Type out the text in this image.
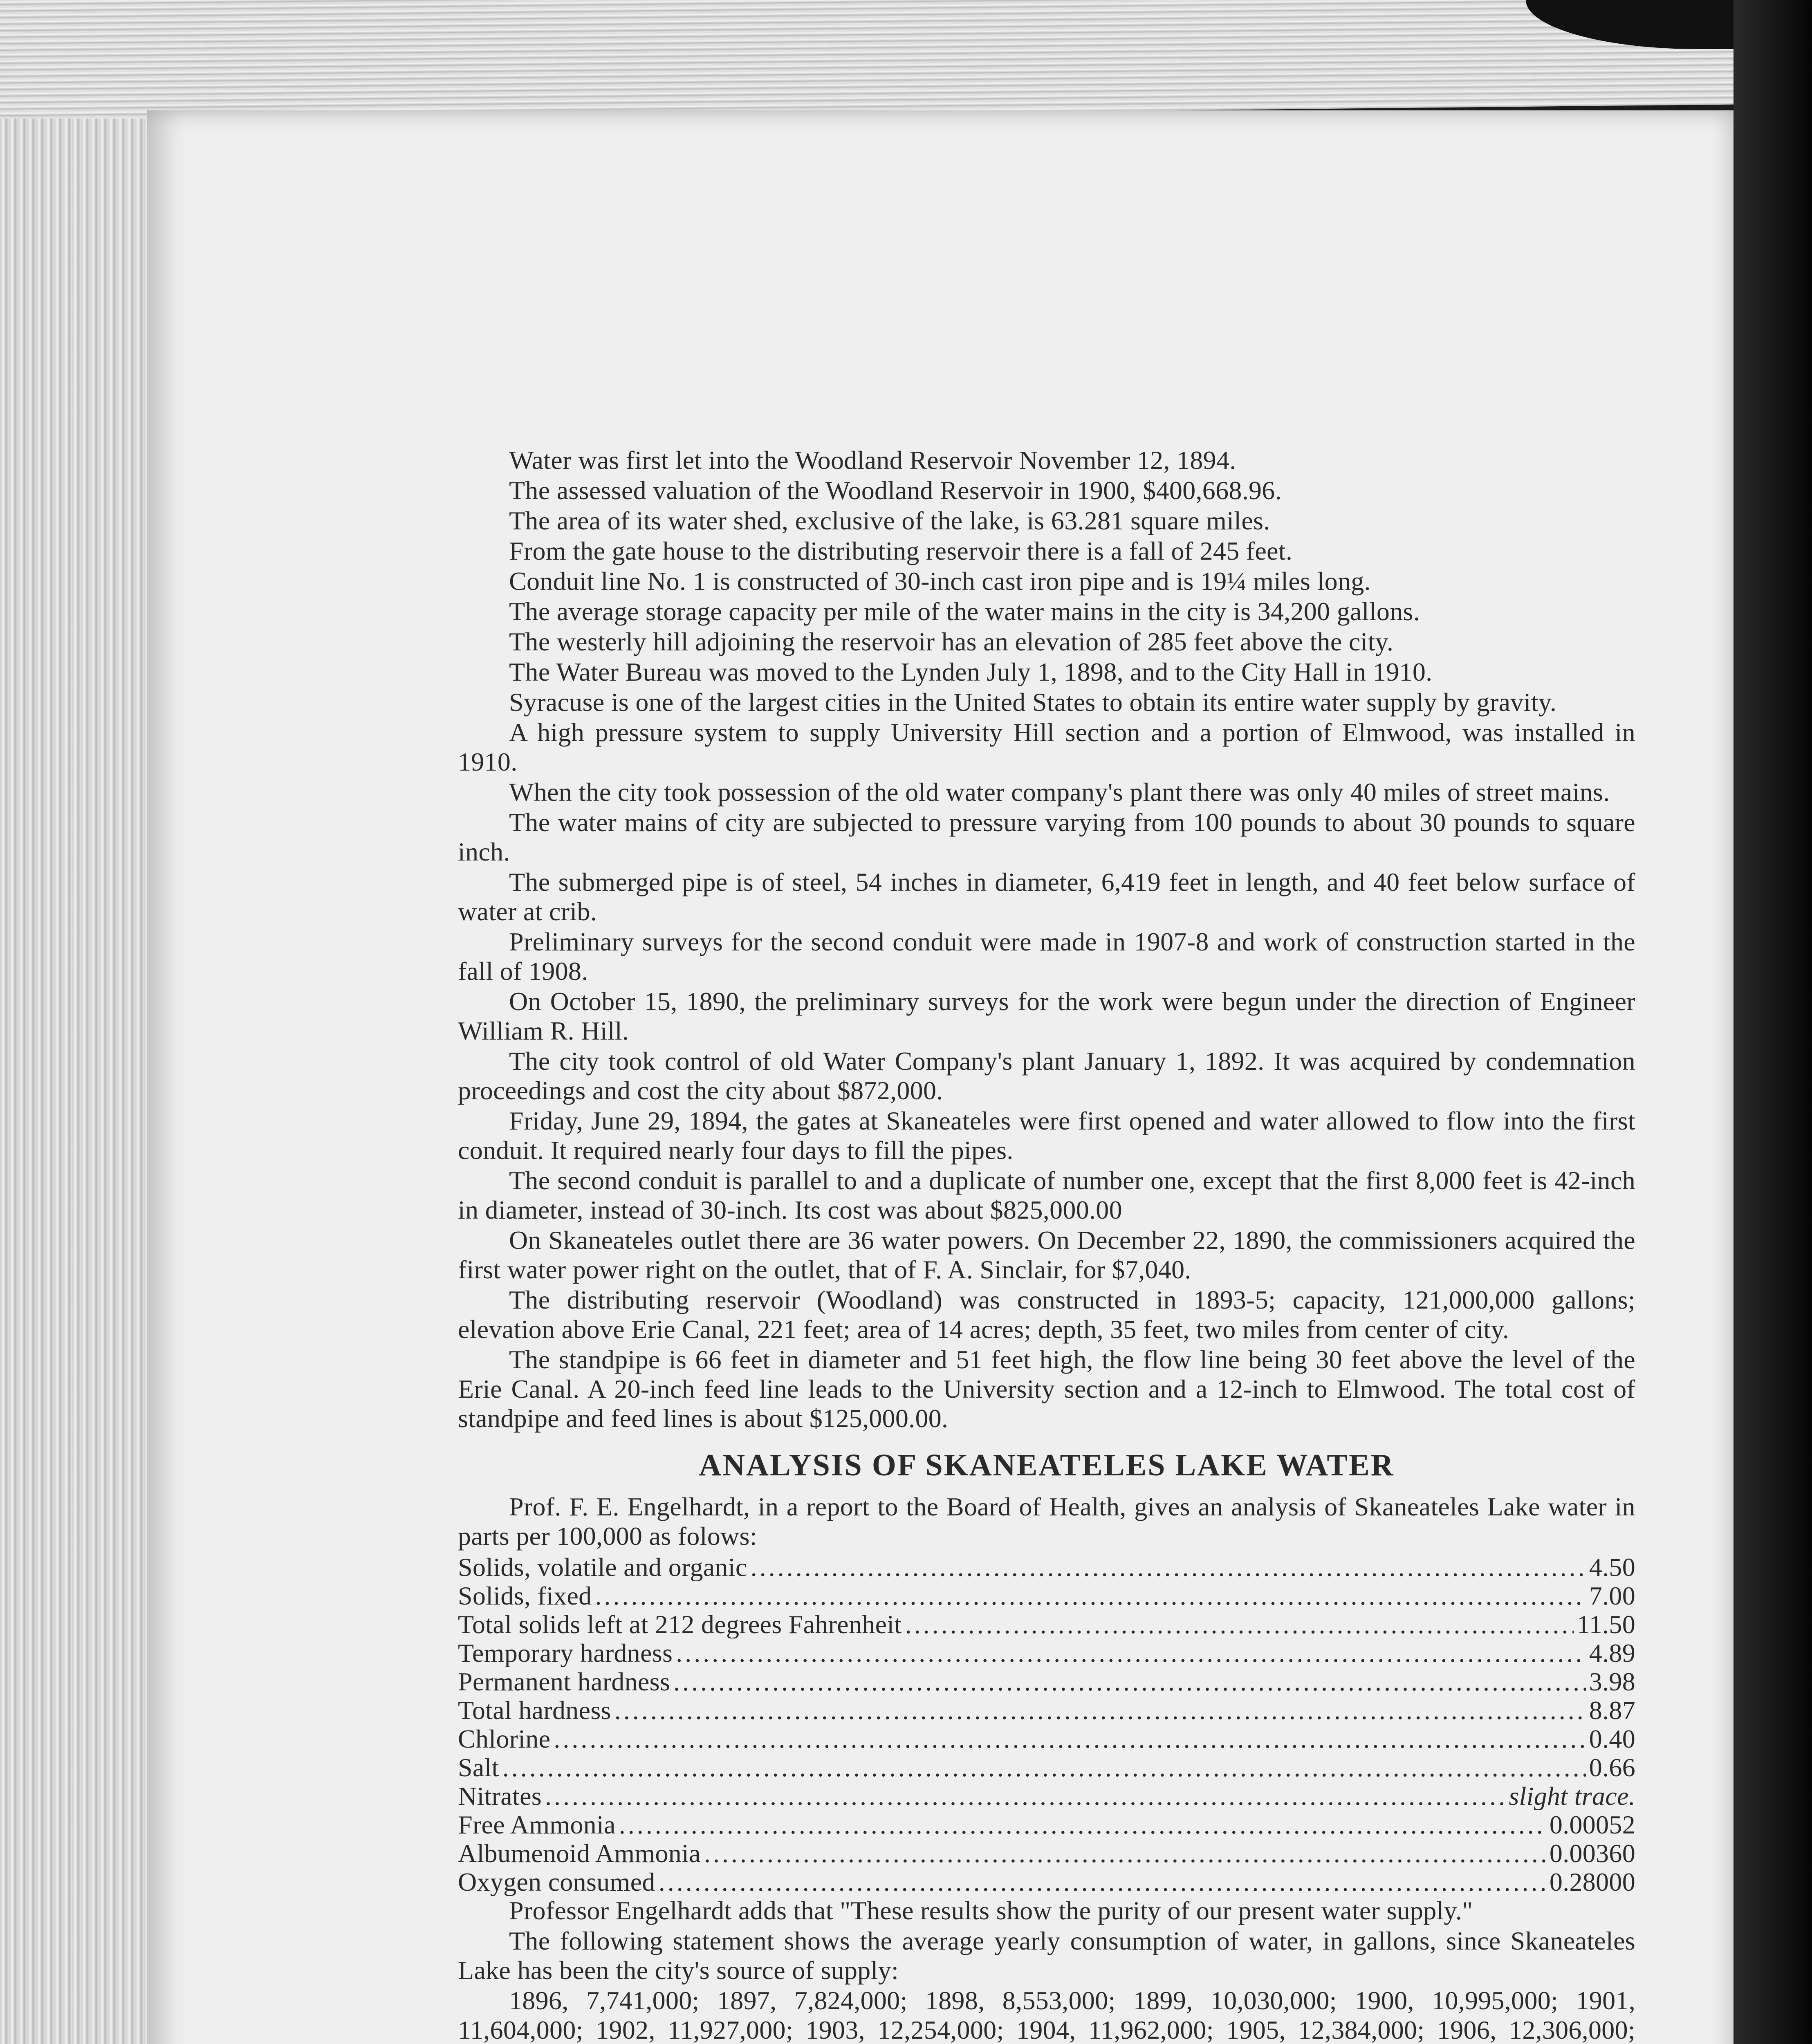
Water was first let into the Woodland Reservoir November 12, 1894.

The assessed valuation of the Woodland Reservoir in 1900, $400,668.96.

The area of its water shed, exclusive of the lake, is 63.281 square miles.

From the gate house to the distributing reservoir there is a fall of 245 feet.

Conduit line No. 1 is constructed of 30-inch cast iron pipe and is 19¼ miles long.

The average storage capacity per mile of the water mains in the city is 34,200 gallons.

The westerly hill adjoining the reservoir has an elevation of 285 feet above the city.

The Water Bureau was moved to the Lynden July 1, 1898, and to the City Hall in 1910.

Syracuse is one of the largest cities in the United States to obtain its entire water supply by gravity.

A high pressure system to supply University Hill section and a portion of Elmwood, was installed in 1910.

When the city took possession of the old water company's plant there was only 40 miles of street mains.

The water mains of city are subjected to pressure varying from 100 pounds to about 30 pounds to square inch.

The submerged pipe is of steel, 54 inches in diameter, 6,419 feet in length, and 40 feet below surface of water at crib.

Preliminary surveys for the second conduit were made in 1907-8 and work of construction started in the fall of 1908.

On October 15, 1890, the preliminary surveys for the work were begun under the direction of Engineer William R. Hill.

The city took control of old Water Company's plant January 1, 1892. It was acquired by condemnation proceedings and cost the city about $872,000.

Friday, June 29, 1894, the gates at Skaneateles were first opened and water allowed to flow into the first conduit. It required nearly four days to fill the pipes.

The second conduit is parallel to and a duplicate of number one, except that the first 8,000 feet is 42-inch in diameter, instead of 30-inch. Its cost was about $825,000.00

On Skaneateles outlet there are 36 water powers. On December 22, 1890, the commissioners acquired the first water power right on the outlet, that of F. A. Sinclair, for $7,040.

The distributing reservoir (Woodland) was constructed in 1893-5; capacity, 121,000,000 gallons; elevation above Erie Canal, 221 feet; area of 14 acres; depth, 35 feet, two miles from center of city.

The standpipe is 66 feet in diameter and 51 feet high, the flow line being 30 feet above the level of the Erie Canal. A 20-inch feed line leads to the University section and a 12-inch to Elmwood. The total cost of standpipe and feed lines is about $125,000.00.

ANALYSIS OF SKANEATELES LAKE WATER

Prof. F. E. Engelhardt, in a report to the Board of Health, gives an analysis of Skaneateles Lake water in parts per 100,000 as folows:

Solids, volatile and organic .....	4.50
Solids, fixed .....	7.00
Total solids left at 212 degrees Fahrenheit .....	11.50
Temporary hardness .....	4.89
Permanent hardness .....	3.98
Total hardness .....	8.87
Chlorine .....	0.40
Salt .....	0.66
Nitrates .....	slight trace.
Free Ammonia .....	0.00052
Albumenoid Ammonia .....	0.00360
Oxygen consumed .....	0.28000

Professor Engelhardt adds that "These results show the purity of our present water supply."

The following statement shows the average yearly consumption of water, in gallons, since Skaneateles Lake has been the city's source of supply:

1896, 7,741,000; 1897, 7,824,000; 1898, 8,553,000; 1899, 10,030,000; 1900, 10,995,000; 1901, 11,604,000; 1902, 11,927,000; 1903, 12,254,000; 1904, 11,962,000; 1905, 12,384,000; 1906, 12,306,000;
